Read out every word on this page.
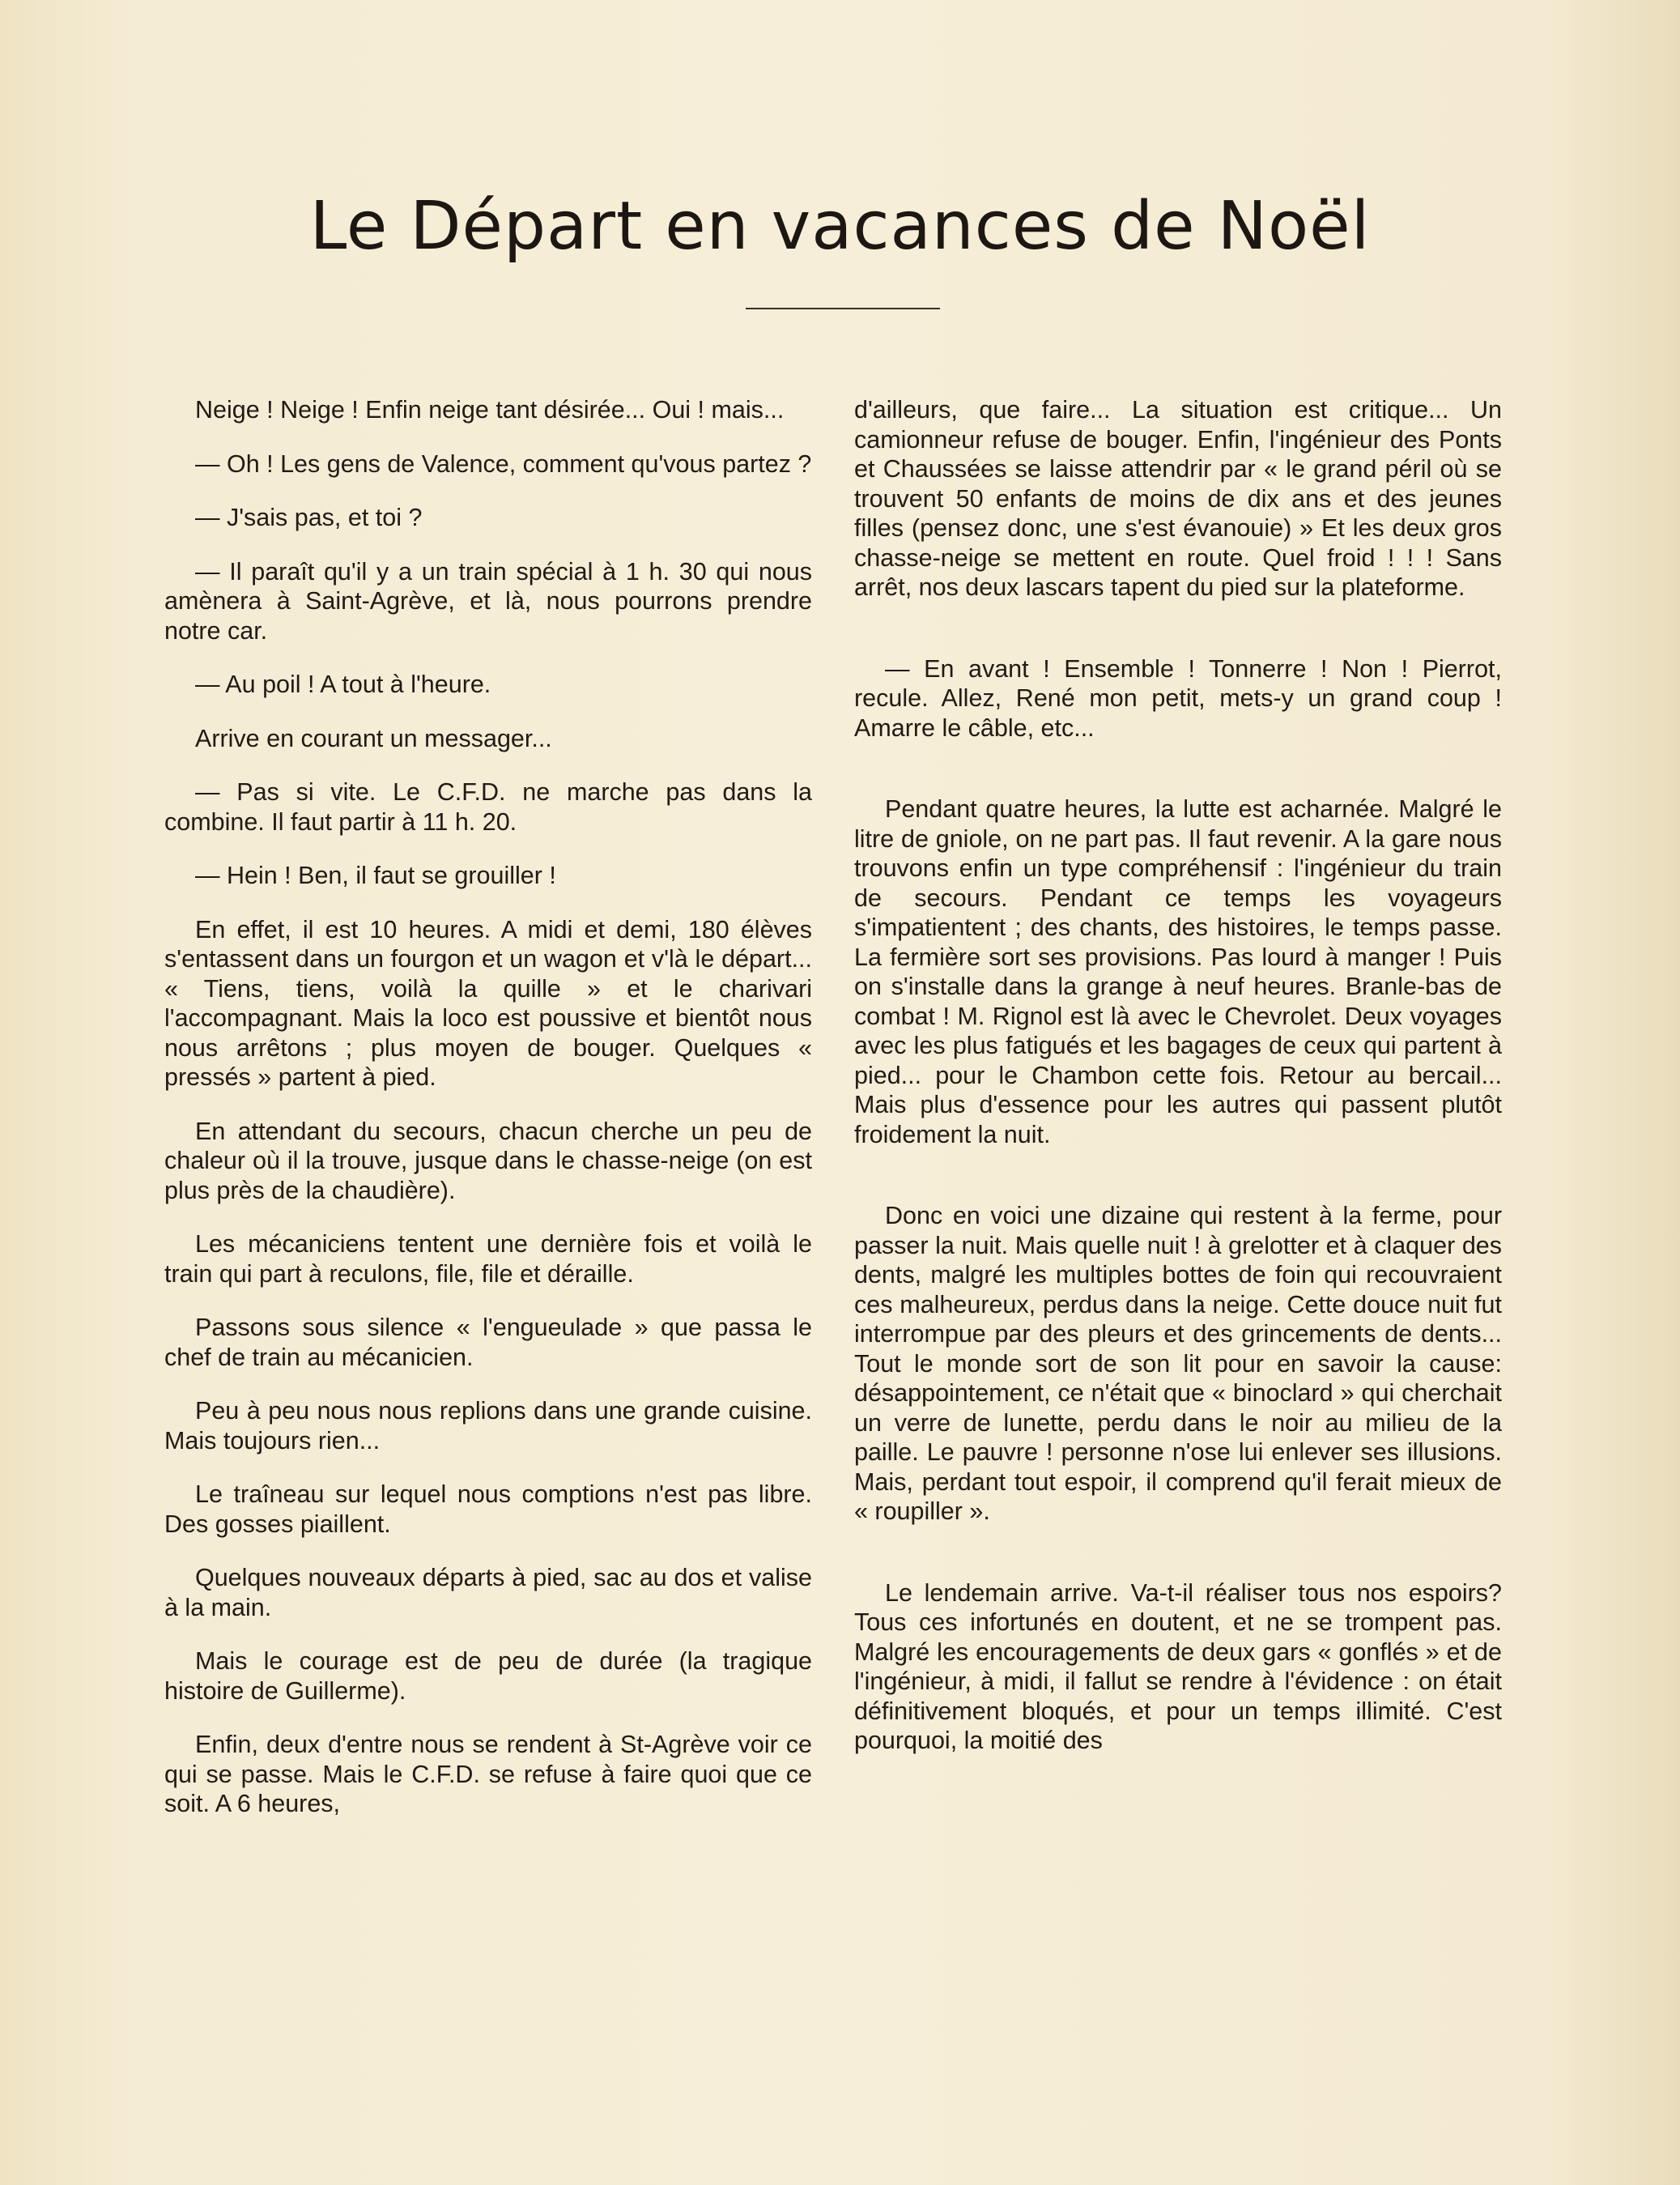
Le Départ en vacances de Noël

Neige ! Neige ! Enfin neige tant désirée... Oui ! mais...

— Oh ! Les gens de Valence, comment qu'vous partez ?

— J'sais pas, et toi ?

— Il paraît qu'il y a un train spécial à 1 h. 30 qui nous amènera à Saint-Agrève, et là, nous pourrons prendre notre car.

— Au poil ! A tout à l'heure.

Arrive en courant un messager...

— Pas si vite. Le C.F.D. ne marche pas dans la combine. Il faut partir à 11 h. 20.

— Hein ! Ben, il faut se grouiller !

En effet, il est 10 heures. A midi et demi, 180 élèves s'entassent dans un fourgon et un wagon et v'là le départ... « Tiens, tiens, voilà la quille » et le charivari l'accompagnant. Mais la loco est poussive et bientôt nous nous arrêtons ; plus moyen de bouger. Quelques « pressés » partent à pied.

En attendant du secours, chacun cherche un peu de chaleur où il la trouve, jusque dans le chasse-neige (on est plus près de la chaudière).

Les mécaniciens tentent une dernière fois et voilà le train qui part à reculons, file, file et déraille.

Passons sous silence « l'engueulade » que passa le chef de train au mécanicien.

Peu à peu nous nous replions dans une grande cuisine. Mais toujours rien...

Le traîneau sur lequel nous comptions n'est pas libre. Des gosses piaillent.

Quelques nouveaux départs à pied, sac au dos et valise à la main.

Mais le courage est de peu de durée (la tragique histoire de Guillerme).

Enfin, deux d'entre nous se rendent à St-Agrève voir ce qui se passe. Mais le C.F.D. se refuse à faire quoi que ce soit. A 6 heures,

d'ailleurs, que faire... La situation est critique... Un camionneur refuse de bouger. Enfin, l'ingénieur des Ponts et Chaussées se laisse attendrir par « le grand péril où se trouvent 50 enfants de moins de dix ans et des jeunes filles (pensez donc, une s'est évanouie) » Et les deux gros chasse-neige se mettent en route. Quel froid ! ! ! Sans arrêt, nos deux lascars tapent du pied sur la plateforme.

— En avant ! Ensemble ! Tonnerre ! Non ! Pierrot, recule. Allez, René mon petit, mets-y un grand coup ! Amarre le câble, etc...

Pendant quatre heures, la lutte est acharnée. Malgré le litre de gniole, on ne part pas. Il faut revenir. A la gare nous trouvons enfin un type compréhensif : l'ingénieur du train de secours. Pendant ce temps les voyageurs s'impatientent ; des chants, des histoires, le temps passe. La fermière sort ses provisions. Pas lourd à manger ! Puis on s'installe dans la grange à neuf heures. Branle-bas de combat ! M. Rignol est là avec le Chevrolet. Deux voyages avec les plus fatigués et les bagages de ceux qui partent à pied... pour le Chambon cette fois. Retour au bercail... Mais plus d'essence pour les autres qui passent plutôt froidement la nuit.

Donc en voici une dizaine qui restent à la ferme, pour passer la nuit. Mais quelle nuit ! à grelotter et à claquer des dents, malgré les multiples bottes de foin qui recouvraient ces malheureux, perdus dans la neige. Cette douce nuit fut interrompue par des pleurs et des grincements de dents... Tout le monde sort de son lit pour en savoir la cause: désappointement, ce n'était que « binoclard » qui cherchait un verre de lunette, perdu dans le noir au milieu de la paille. Le pauvre ! personne n'ose lui enlever ses illusions. Mais, perdant tout espoir, il comprend qu'il ferait mieux de « roupiller ».

Le lendemain arrive. Va-t-il réaliser tous nos espoirs? Tous ces infortunés en doutent, et ne se trompent pas. Malgré les encouragements de deux gars « gonflés » et de l'ingénieur, à midi, il fallut se rendre à l'évidence : on était définitivement bloqués, et pour un temps illimité. C'est pourquoi, la moitié des
